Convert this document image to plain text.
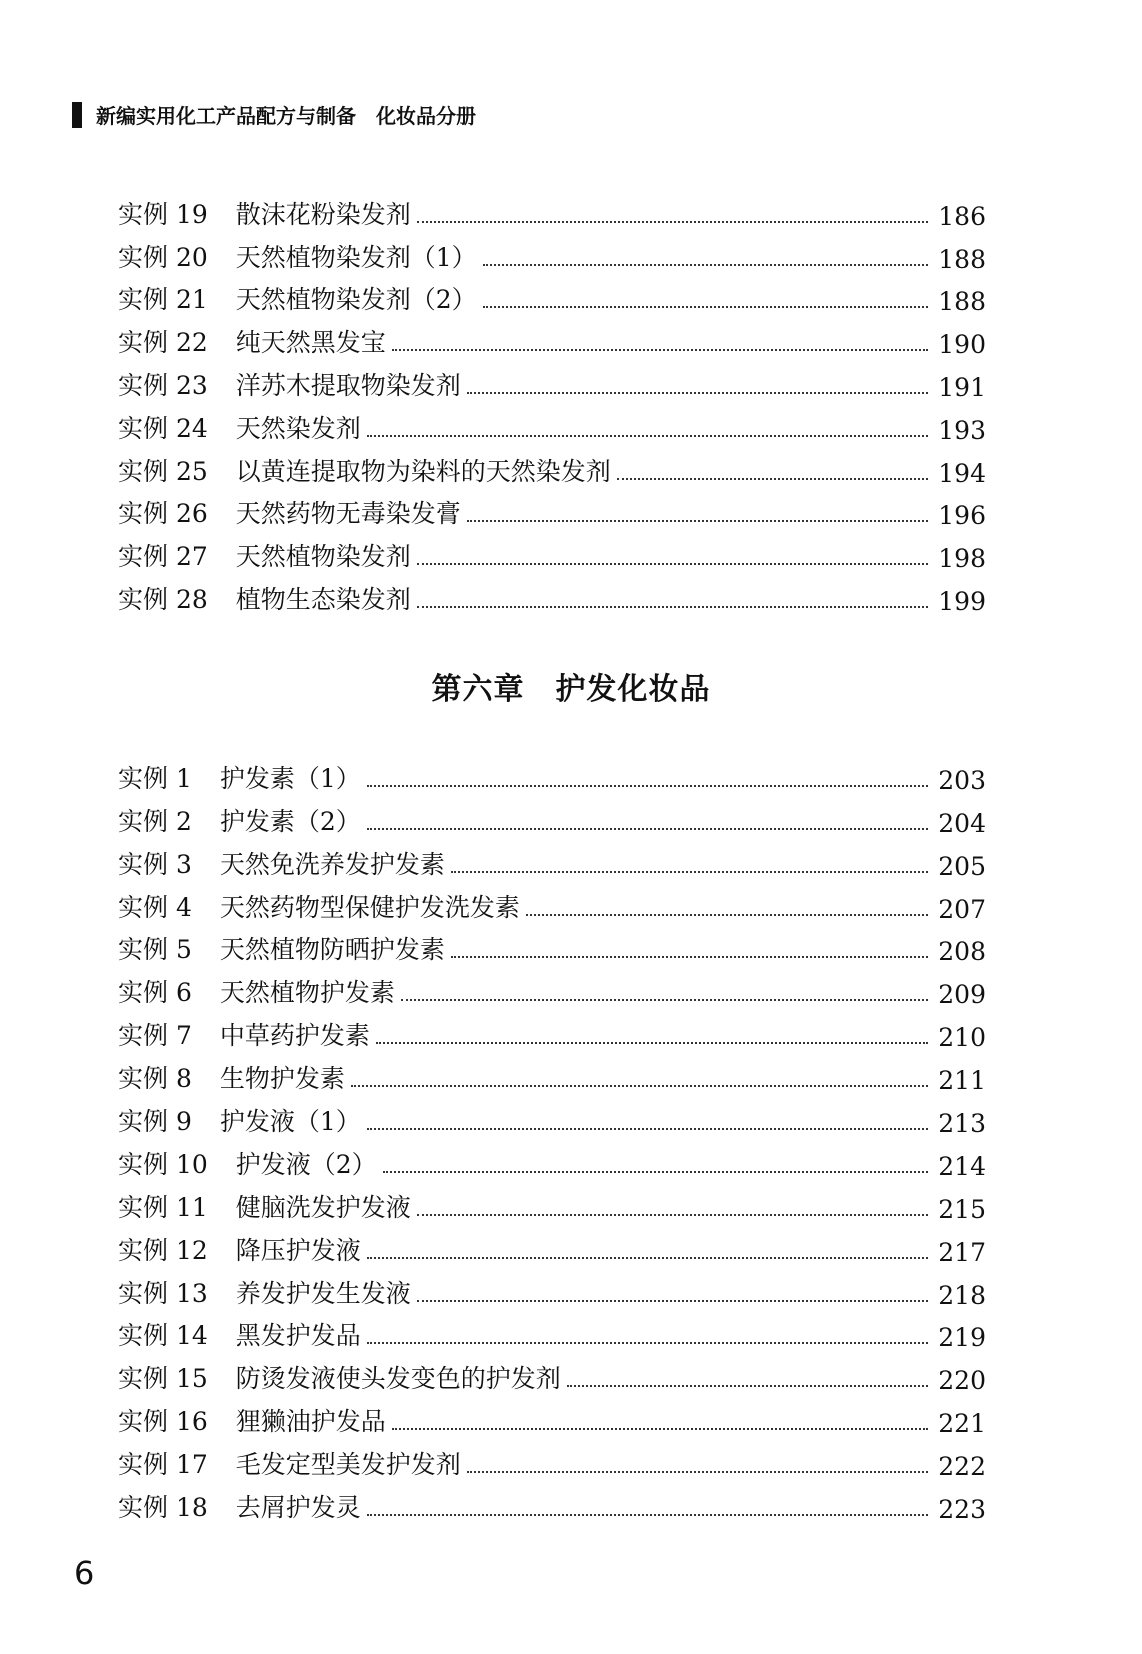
新编实用化工产品配方与制备　化妆品分册
实例 19 散沫花粉染发剂	186
实例 20 天然植物染发剂（1）	188
实例 21 天然植物染发剂（2）	188
实例 22 纯天然黑发宝	190
实例 23 洋苏木提取物染发剂	191
实例 24 天然染发剂	193
实例 25 以黄连提取物为染料的天然染发剂	194
实例 26 天然药物无毒染发膏	196
实例 27 天然植物染发剂	198
实例 28 植物生态染发剂	199
第六章　护发化妆品
实例 1 护发素（1）	203
实例 2 护发素（2）	204
实例 3 天然免洗养发护发素	205
实例 4 天然药物型保健护发洗发素	207
实例 5 天然植物防晒护发素	208
实例 6 天然植物护发素	209
实例 7 中草药护发素	210
实例 8 生物护发素	211
实例 9 护发液（1）	213
实例 10 护发液（2）	214
实例 11 健脑洗发护发液	215
实例 12 降压护发液	217
实例 13 养发护发生发液	218
实例 14 黑发护发品	219
实例 15 防烫发液使头发变色的护发剂	220
实例 16 狸獭油护发品	221
实例 17 毛发定型美发护发剂	222
实例 18 去屑护发灵	223
6
